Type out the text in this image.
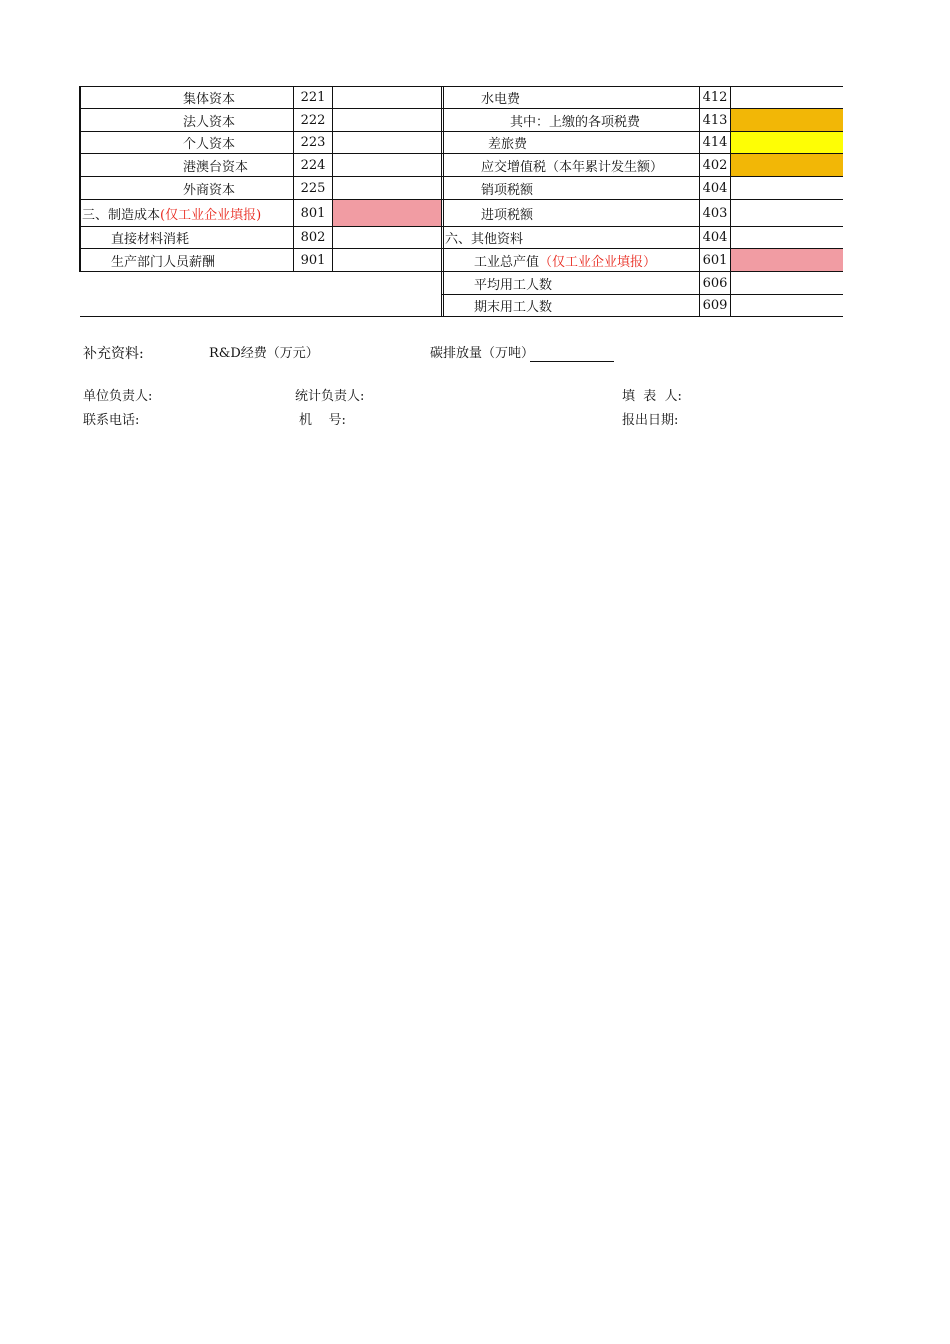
集体资本	221
法人资本	222
个人资本	223
港澳台资本	224
外商资本	225
三、制造成本 (仅工业企业填报)	801
直接材料消耗	802
生产部门人员薪酬	901
水电费	412
其中：上缴的各项税费	413
差旅费	414
应交增值税（本年累计发生额）	402
销项税额	404
进项税额	403
六、其他资料	404
工业总产值 （仅工业企业填报）	601
平均用工人数	606
期末用工人数	609
补充资料:	R&D经费（万元）	碳排放量（万吨）
单位负责人:	统计负责人:	填  表  人:
联系电话:	机    号:	报出日期:
